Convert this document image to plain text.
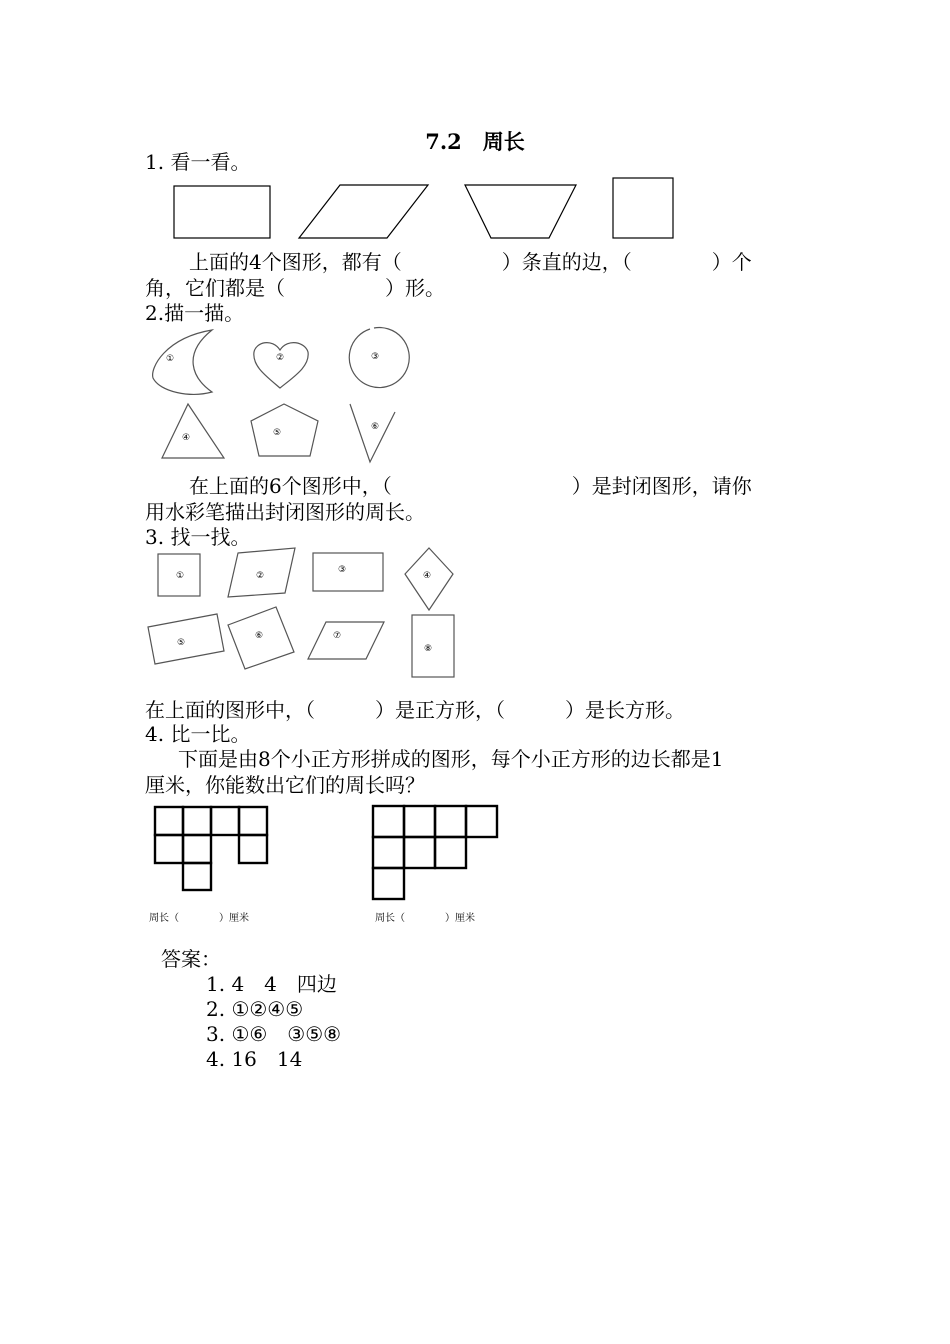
7.2　周长
1. 看一看。
上面的4个图形，都有（　　　　　）条直的边，（　　　　）个
角，它们都是（　　　　　）形。
2.描一描。
①	②	③
④	⑤
⑥
在上面的6个图形中，（　　　　　　　　　）是封闭图形，请你
用水彩笔描出封闭图形的周长。
3. 找一找。
①	②
③
④
⑤
⑥	⑦
⑧
在上面的图形中，（　　　）是正方形，（　　　）是长方形。
4. 比一比。
下面是由8个小正方形拼成的图形，每个小正方形的边长都是1
厘米，你能数出它们的周长吗？
周长（　　　　）厘米	周长（　　　　）厘米
答案：
1. 4　4　四边
2. ①②④⑤
3. ①⑥　③⑤⑧
4. 16　14
